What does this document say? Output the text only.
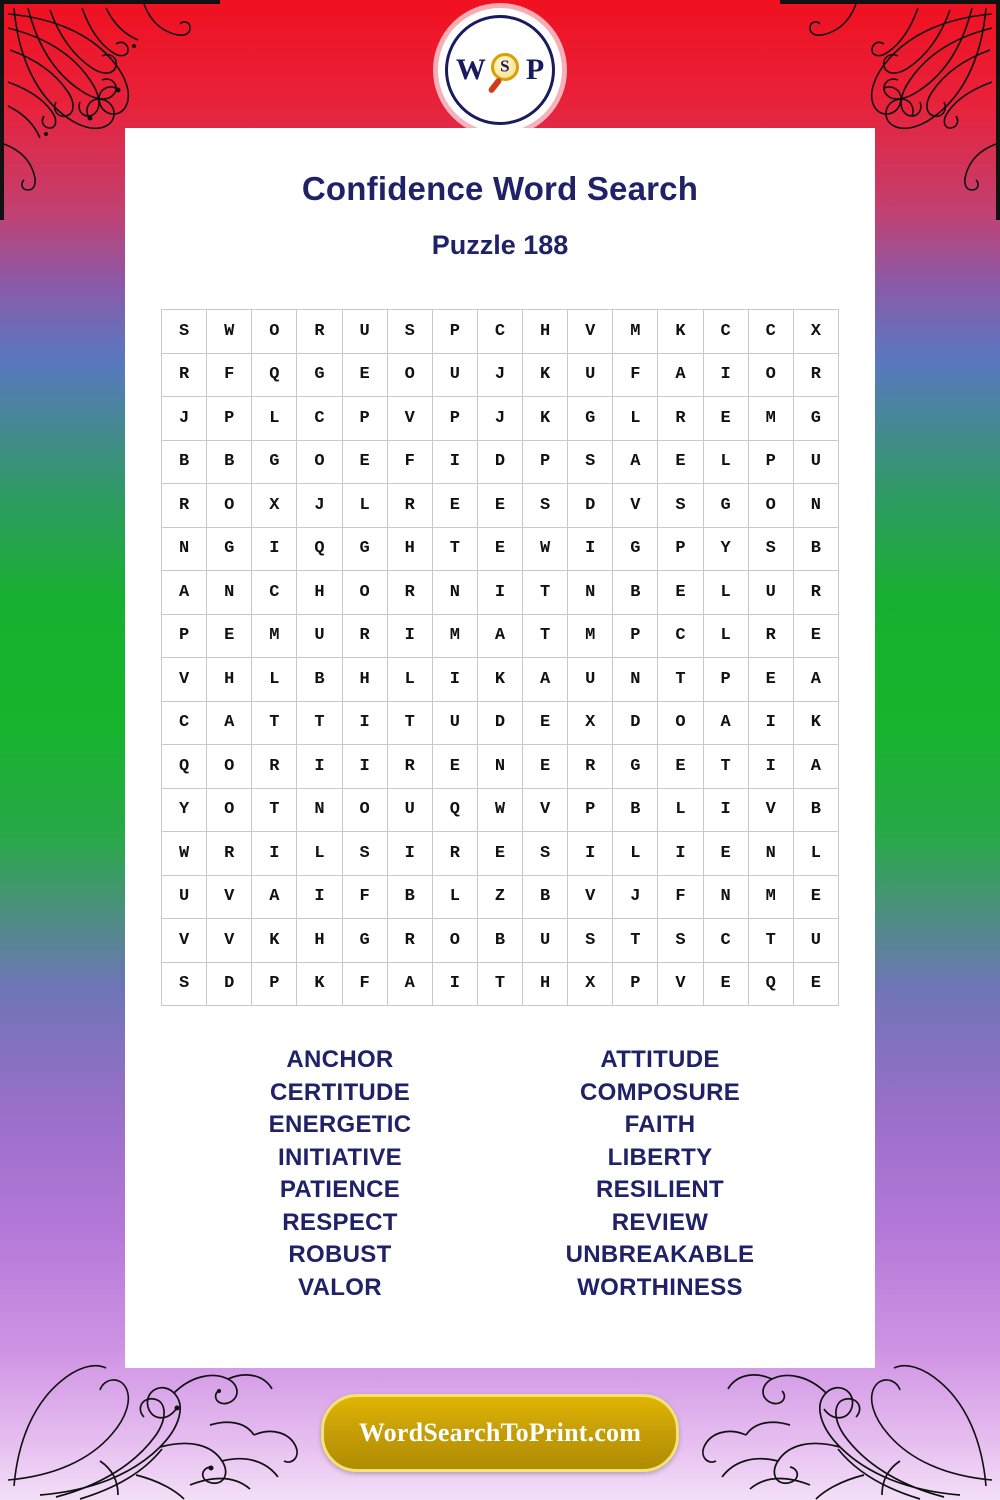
W S P
Confidence Word Search
Puzzle 188
S	W	O	R	U	S	P	C	H	V	M	K	C	C	X
R	F	Q	G	E	O	U	J	K	U	F	A	I	O	R
J	P	L	C	P	V	P	J	K	G	L	R	E	M	G
B	B	G	O	E	F	I	D	P	S	A	E	L	P	U
R	O	X	J	L	R	E	E	S	D	V	S	G	O	N
N	G	I	Q	G	H	T	E	W	I	G	P	Y	S	B
A	N	C	H	O	R	N	I	T	N	B	E	L	U	R
P	E	M	U	R	I	M	A	T	M	P	C	L	R	E
V	H	L	B	H	L	I	K	A	U	N	T	P	E	A
C	A	T	T	I	T	U	D	E	X	D	O	A	I	K
Q	O	R	I	I	R	E	N	E	R	G	E	T	I	A
Y	O	T	N	O	U	Q	W	V	P	B	L	I	V	B
W	R	I	L	S	I	R	E	S	I	L	I	E	N	L
U	V	A	I	F	B	L	Z	B	V	J	F	N	M	E
V	V	K	H	G	R	O	B	U	S	T	S	C	T	U
S	D	P	K	F	A	I	T	H	X	P	V	E	Q	E
ANCHOR
CERTITUDE
ENERGETIC
INITIATIVE
PATIENCE
RESPECT
ROBUST
VALOR
ATTITUDE
COMPOSURE
FAITH
LIBERTY
RESILIENT
REVIEW
UNBREAKABLE
WORTHINESS
WordSearchToPrint.com
